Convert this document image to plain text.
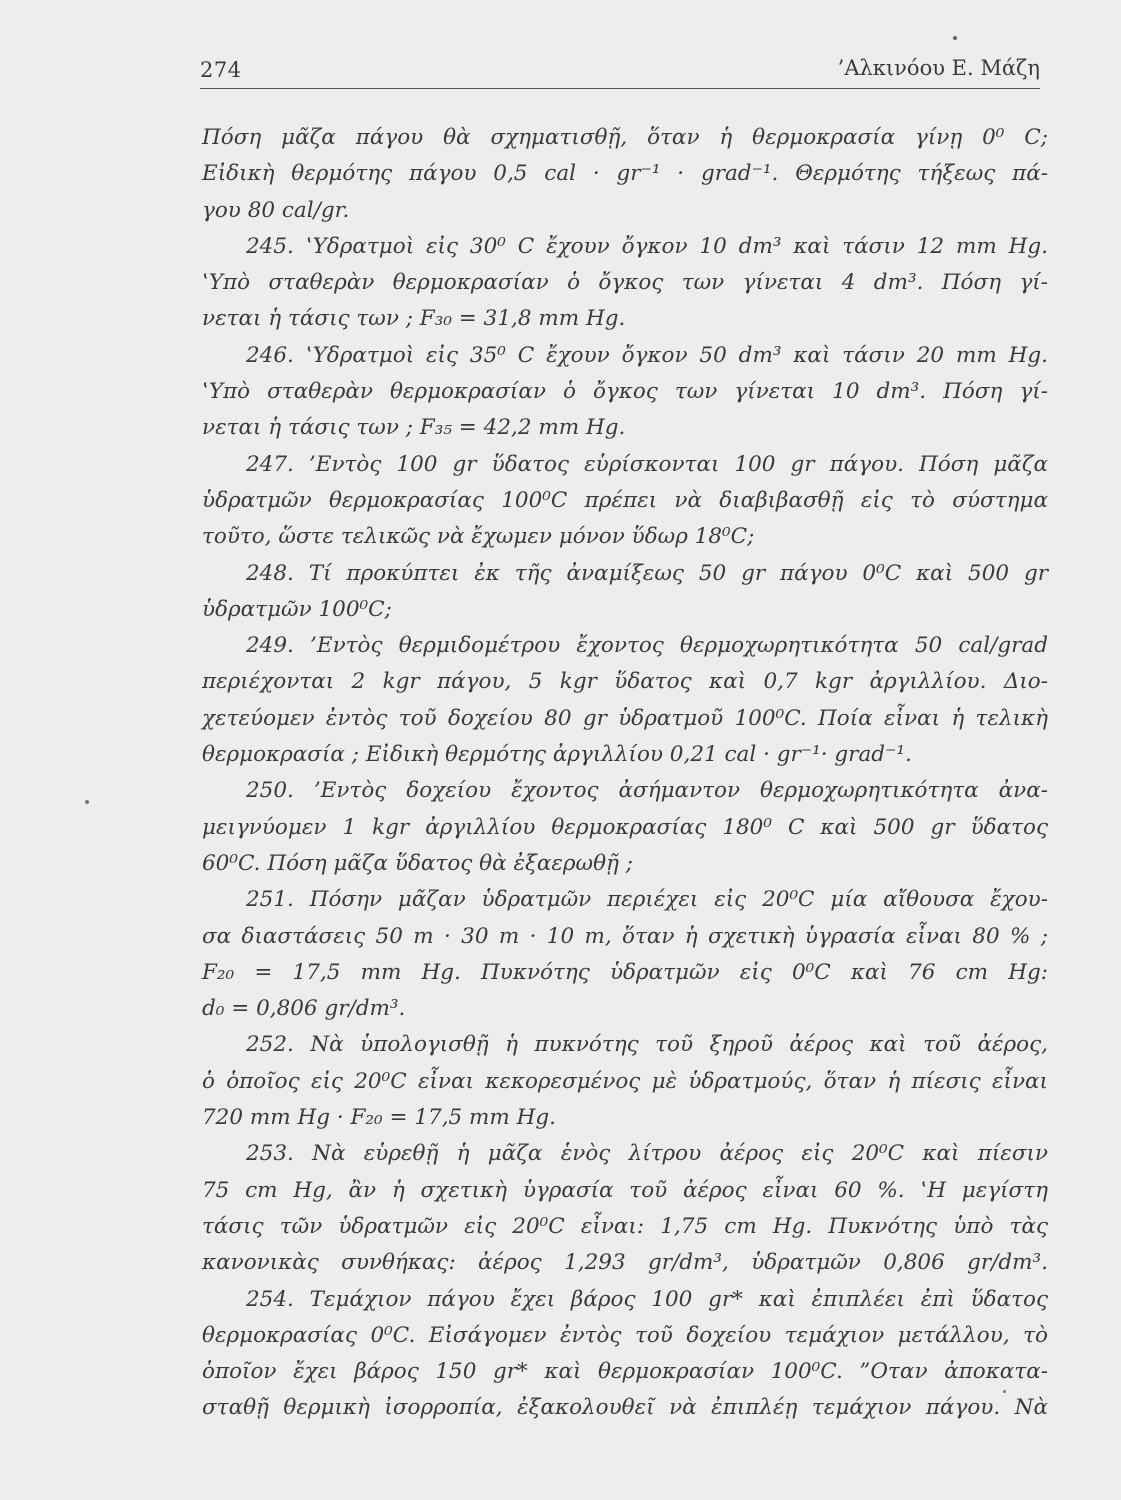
274	’Αλκινόου Ε. Μάζη
Πόση μᾶζα πάγου θὰ σχηματισθῇ, ὅταν ἡ θερμοκρασία γίνῃ 0⁰ C;
Εἰδικὴ θερμότης πάγου 0,5 cal · gr⁻¹ · grad⁻¹. Θερμότης τήξεως πά-
γου 80 cal/gr.
245. ‛Υδρατμοὶ εἰς 30⁰ C ἔχουν ὄγκον 10 dm³ καὶ τάσιν 12 mm Hg.
‛Υπὸ σταθερὰν θερμοκρασίαν ὁ ὄγκος των γίνεται 4 dm³. Πόση γί-
νεται ἡ τάσις των ; F₃₀ = 31,8 mm Hg.
246. ‛Υδρατμοὶ εἰς 35⁰ C ἔχουν ὄγκον 50 dm³ καὶ τάσιν 20 mm Hg.
‛Υπὸ σταθερὰν θερμοκρασίαν ὁ ὄγκος των γίνεται 10 dm³. Πόση γί-
νεται ἡ τάσις των ; F₃₅ = 42,2 mm Hg.
247. ’Εντὸς 100 gr ὕδατος εὑρίσκονται 100 gr πάγου. Πόση μᾶζα
ὑδρατμῶν θερμοκρασίας 100⁰C πρέπει νὰ διαβιβασθῇ εἰς τὸ σύστημα
τοῦτο, ὥστε τελικῶς νὰ ἔχωμεν μόνον ὕδωρ 18⁰C;
248. Τί προκύπτει ἐκ τῆς ἀναμίξεως 50 gr πάγου 0⁰C καὶ 500 gr
ὑδρατμῶν 100⁰C;
249. ’Εντὸς θερμιδομέτρου ἔχοντος θερμοχωρητικότητα 50 cal/grad
περιέχονται 2 kgr πάγου, 5 kgr ὕδατος καὶ 0,7 kgr ἀργιλλίου. Διο-
χετεύομεν ἐντὸς τοῦ δοχείου 80 gr ὑδρατμοῦ 100⁰C. Ποία εἶναι ἡ τελικὴ
θερμοκρασία ; Εἰδικὴ θερμότης ἀργιλλίου 0,21 cal · gr⁻¹· grad⁻¹.
250. ’Εντὸς δοχείου ἔχοντος ἀσήμαντον θερμοχωρητικότητα ἀνα-
μειγνύομεν 1 kgr ἀργιλλίου θερμοκρασίας 180⁰ C καὶ 500 gr ὕδατος
60⁰C. Πόση μᾶζα ὕδατος θὰ ἐξαερωθῇ ;
251. Πόσην μᾶζαν ὑδρατμῶν περιέχει εἰς 20⁰C μία αἴθουσα ἔχου-
σα διαστάσεις 50 m · 30 m · 10 m, ὅταν ἡ σχετικὴ ὑγρασία εἶναι 80 % ;
F₂₀ = 17,5 mm Hg. Πυκνότης ὑδρατμῶν εἰς 0⁰C καὶ 76 cm Hg:
d₀ = 0,806 gr/dm³.
252. Νὰ ὑπολογισθῇ ἡ πυκνότης τοῦ ξηροῦ ἀέρος καὶ τοῦ ἀέρος,
ὁ ὁποῖος εἰς 20⁰C εἶναι κεκορεσμένος μὲ ὑδρατμούς, ὅταν ἡ πίεσις εἶναι
720 mm Hg · F₂₀ = 17,5 mm Hg.
253. Νὰ εὑρεθῇ ἡ μᾶζα ἑνὸς λίτρου ἀέρος εἰς 20⁰C καὶ πίεσιν
75 cm Hg, ἂν ἡ σχετικὴ ὑγρασία τοῦ ἀέρος εἶναι 60 %. ‛Η μεγίστη
τάσις τῶν ὑδρατμῶν εἰς 20⁰C εἶναι: 1,75 cm Hg. Πυκνότης ὑπὸ τὰς
κανονικὰς συνθήκας: ἀέρος 1,293 gr/dm³, ὑδρατμῶν 0,806 gr/dm³.
254. Τεμάχιον πάγου ἔχει βάρος 100 gr* καὶ ἐπιπλέει ἐπὶ ὕδατος
θερμοκρασίας 0⁰C. Εἰσάγομεν ἐντὸς τοῦ δοχείου τεμάχιον μετάλλου, τὸ
ὁποῖον ἔχει βάρος 150 gr* καὶ θερμοκρασίαν 100⁰C. ”Οταν ἀποκατα-
σταθῇ θερμικὴ ἰσορροπία, ἐξακολουθεῖ νὰ ἐπιπλέῃ τεμάχιον πάγου. Νὰ
